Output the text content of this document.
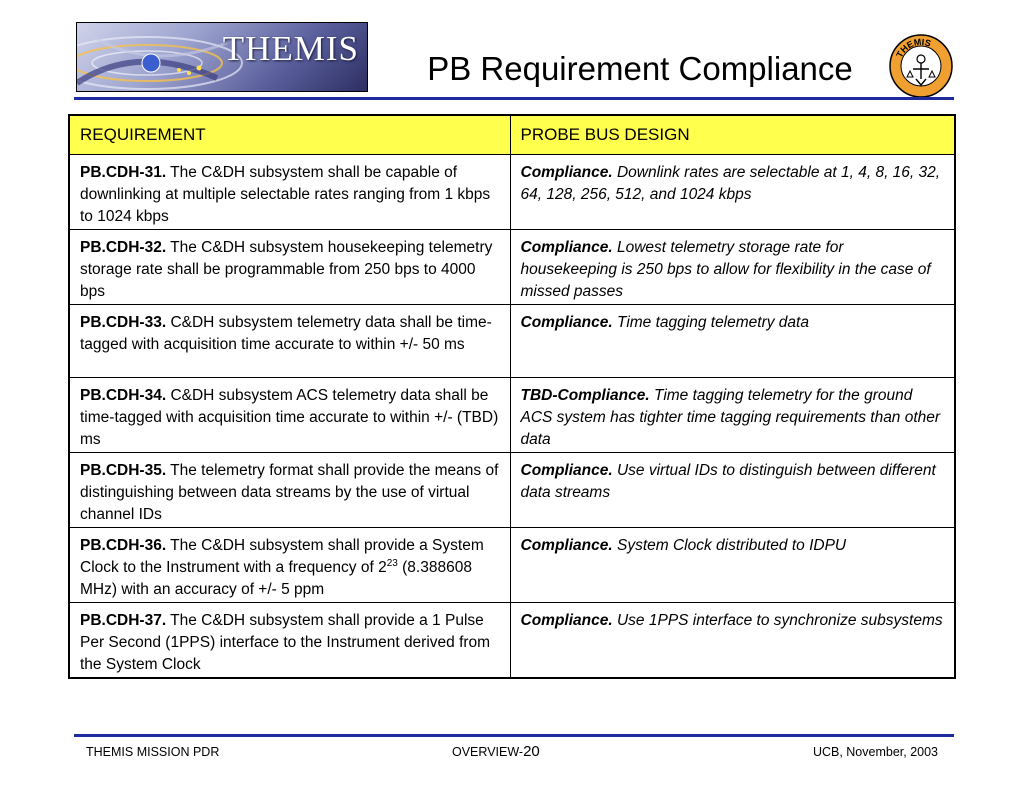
THEMIS
PB Requirement Compliance	THEMIS
REQUIREMENT	PROBE BUS DESIGN

PB.CDH-31. The C&DH subsystem shall be capable of downlinking at multiple selectable rates ranging from 1 kbps to 1024 kbps	Compliance. Downlink rates are selectable at 1, 4, 8, 16, 32, 64, 128, 256, 512, and 1024 kbps

PB.CDH-32. The C&DH subsystem housekeeping telemetry storage rate shall be programmable from 250 bps to 4000 bps	Compliance. Lowest telemetry storage rate for housekeeping is 250 bps to allow for flexibility in the case of missed passes

PB.CDH-33. C&DH subsystem telemetry data shall be time-tagged with acquisition time accurate to within +/- 50 ms	Compliance. Time tagging telemetry data

PB.CDH-34. C&DH subsystem ACS telemetry data shall be time-tagged with acquisition time accurate to within +/- (TBD) ms	TBD-Compliance. Time tagging telemetry for the ground ACS system has tighter time tagging requirements than other data

PB.CDH-35. The telemetry format shall provide the means of distinguishing between data streams by the use of virtual channel IDs	Compliance. Use virtual IDs to distinguish between different data streams

PB.CDH-36. The C&DH subsystem shall provide a System Clock to the Instrument with a frequency of $2^{23}$ (8.388608 MHz) with an accuracy of +/- 5 ppm	Compliance. System Clock distributed to IDPU

PB.CDH-37. The C&DH subsystem shall provide a 1 Pulse Per Second (1PPS) interface to the Instrument derived from the System Clock	Compliance. Use 1PPS interface to synchronize subsystems

THEMIS MISSION PDR	OVERVIEW-20	UCB, November, 2003
